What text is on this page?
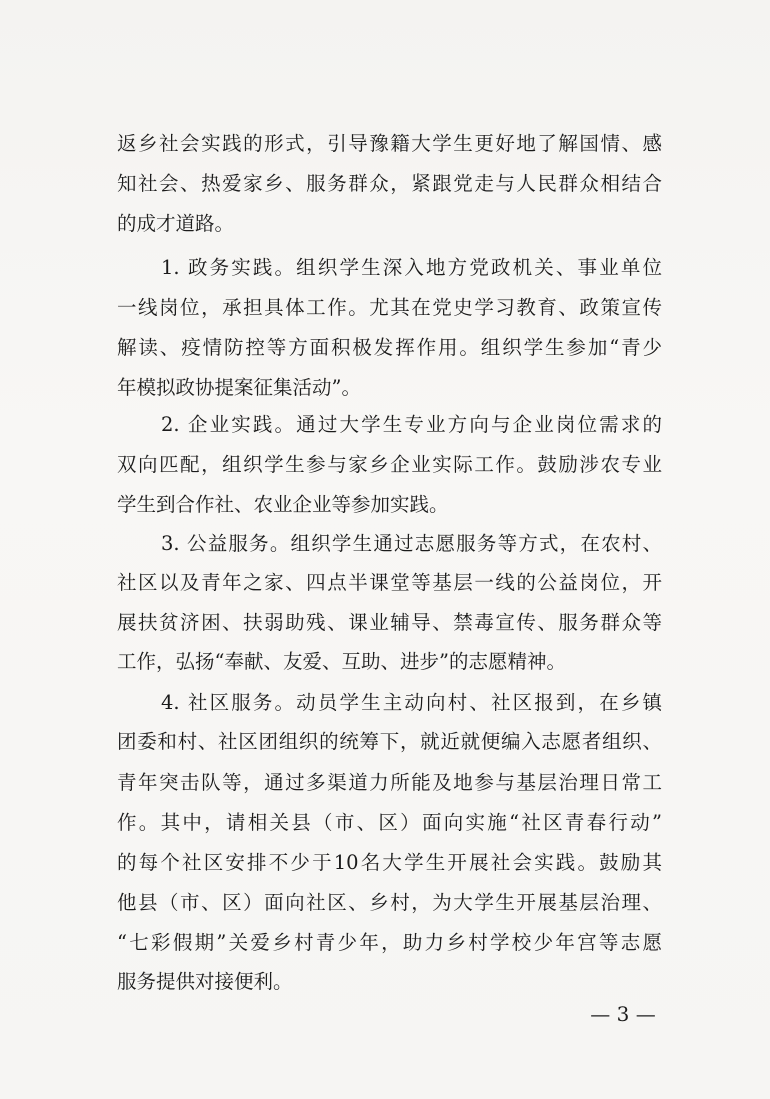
返乡社会实践的形式，引导豫籍大学生更好地了解国情、感
知社会、热爱家乡、服务群众，紧跟党走与人民群众相结合
的成才道路。
1. 政务实践。组织学生深入地方党政机关、事业单位
一线岗位，承担具体工作。尤其在党史学习教育、政策宣传
解读、疫情防控等方面积极发挥作用。组织学生参加“青少
年模拟政协提案征集活动”。
2. 企业实践。通过大学生专业方向与企业岗位需求的
双向匹配，组织学生参与家乡企业实际工作。鼓励涉农专业
学生到合作社、农业企业等参加实践。
3. 公益服务。组织学生通过志愿服务等方式，在农村、
社区以及青年之家、四点半课堂等基层一线的公益岗位，开
展扶贫济困、扶弱助残、课业辅导、禁毒宣传、服务群众等
工作，弘扬“奉献、友爱、互助、进步”的志愿精神。
4. 社区服务。动员学生主动向村、社区报到，在乡镇
团委和村、社区团组织的统筹下，就近就便编入志愿者组织、
青年突击队等，通过多渠道力所能及地参与基层治理日常工
作。其中，请相关县（市、区）面向实施“社区青春行动”
的每个社区安排不少于10名大学生开展社会实践。鼓励其
他县（市、区）面向社区、乡村，为大学生开展基层治理、
“七彩假期”关爱乡村青少年，助力乡村学校少年宫等志愿
服务提供对接便利。
— 3 —
